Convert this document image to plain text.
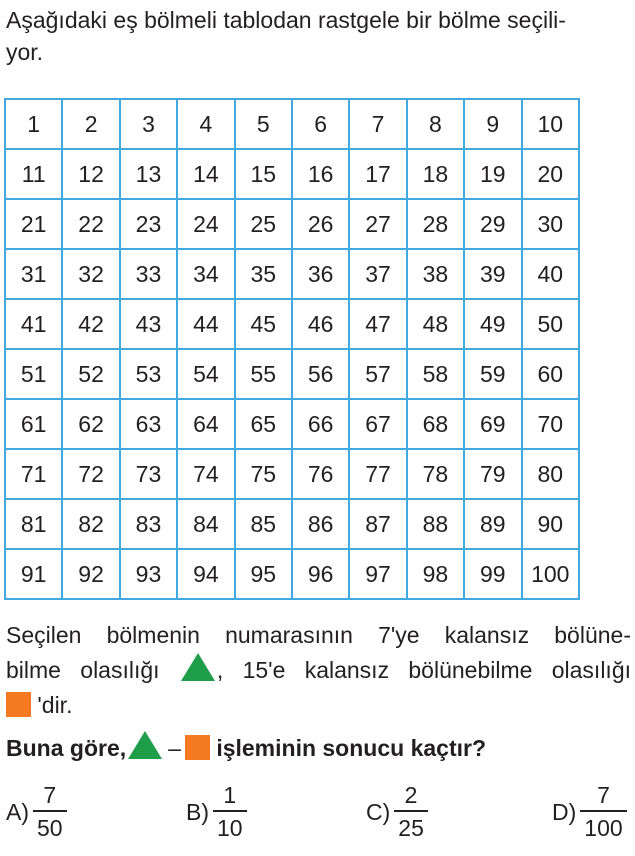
Aşağıdaki eş bölmeli tablodan rastgele bir bölme seçili-
yor.

1	2	3	4	5	6	7	8	9	10
11	12	13	14	15	16	17	18	19	20
21	22	23	24	25	26	27	28	29	30
31	32	33	34	35	36	37	38	39	40
41	42	43	44	45	46	47	48	49	50
51	52	53	54	55	56	57	58	59	60
61	62	63	64	65	66	67	68	69	70
71	72	73	74	75	76	77	78	79	80
81	82	83	84	85	86	87	88	89	90
91	92	93	94	95	96	97	98	99	100

Seçilen bölmenin numarasının 7'ye kalansız bölüne-
bilme olasılığı , 15'e kalansız bölünebilme olasılığı
'dir.

Buna göre, – işleminin sonucu kaçtır?

$A) \frac{7}{50}$	$B) \frac{1}{10}$	$C) \frac{2}{25}$	$D) \frac{7}{100}$
